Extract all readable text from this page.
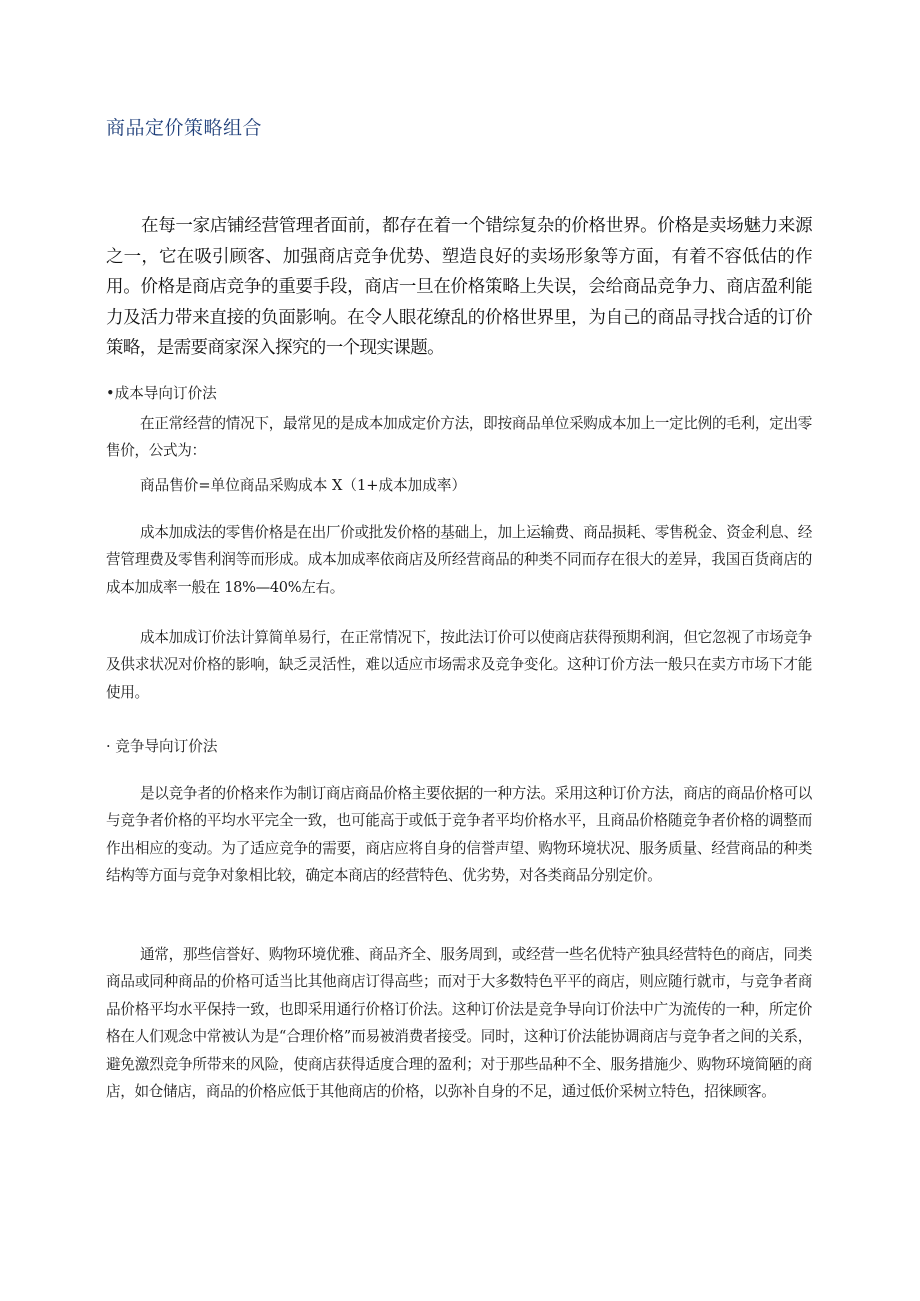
商品定价策略组合

在每一家店铺经营管理者面前，都存在着一个错综复杂的价格世界。价格是卖场魅力来源之一，它在吸引顾客、加强商店竞争优势、塑造良好的卖场形象等方面，有着不容低估的作用。价格是商店竞争的重要手段，商店一旦在价格策略上失误，会给商品竞争力、商店盈利能力及活力带来直接的负面影响。在令人眼花缭乱的价格世界里，为自己的商品寻找合适的订价策略，是需要商家深入探究的一个现实课题。

•成本导向订价法

在正常经营的情况下，最常见的是成本加成定价方法，即按商品单位采购成本加上一定比例的毛利，定出零售价，公式为：

商品售价=单位商品采购成本 X（1+成本加成率）

成本加成法的零售价格是在出厂价或批发价格的基础上，加上运输费、商品损耗、零售税金、资金利息、经营管理费及零售利润等而形成。成本加成率依商店及所经营商品的种类不同而存在很大的差异，我国百货商店的成本加成率一般在 18%—40%左右。

成本加成订价法计算简单易行，在正常情况下，按此法订价可以使商店获得预期利润，但它忽视了市场竞争及供求状况对价格的影响，缺乏灵活性，难以适应市场需求及竞争变化。这种订价方法一般只在卖方市场下才能使用。

· 竞争导向订价法

是以竞争者的价格来作为制订商店商品价格主要依据的一种方法。采用这种订价方法，商店的商品价格可以与竞争者价格的平均水平完全一致，也可能高于或低于竞争者平均价格水平，且商品价格随竞争者价格的调整而作出相应的变动。为了适应竞争的需要，商店应将自身的信誉声望、购物环境状况、服务质量、经营商品的种类结构等方面与竞争对象相比较，确定本商店的经营特色、优劣势，对各类商品分别定价。

通常，那些信誉好、购物环境优雅、商品齐全、服务周到，或经营一些名优特产独具经营特色的商店，同类商品或同种商品的价格可适当比其他商店订得高些；而对于大多数特色平平的商店，则应随行就市，与竞争者商品价格平均水平保持一致，也即采用通行价格订价法。这种订价法是竞争导向订价法中广为流传的一种，所定价格在人们观念中常被认为是“合理价格”而易被消费者接受。同时，这种订价法能协调商店与竞争者之间的关系，避免激烈竞争所带来的风险，使商店获得适度合理的盈利；对于那些品种不全、服务措施少、购物环境简陋的商店，如仓储店，商品的价格应低于其他商店的价格，以弥补自身的不足，通过低价采树立特色，招徕顾客。
